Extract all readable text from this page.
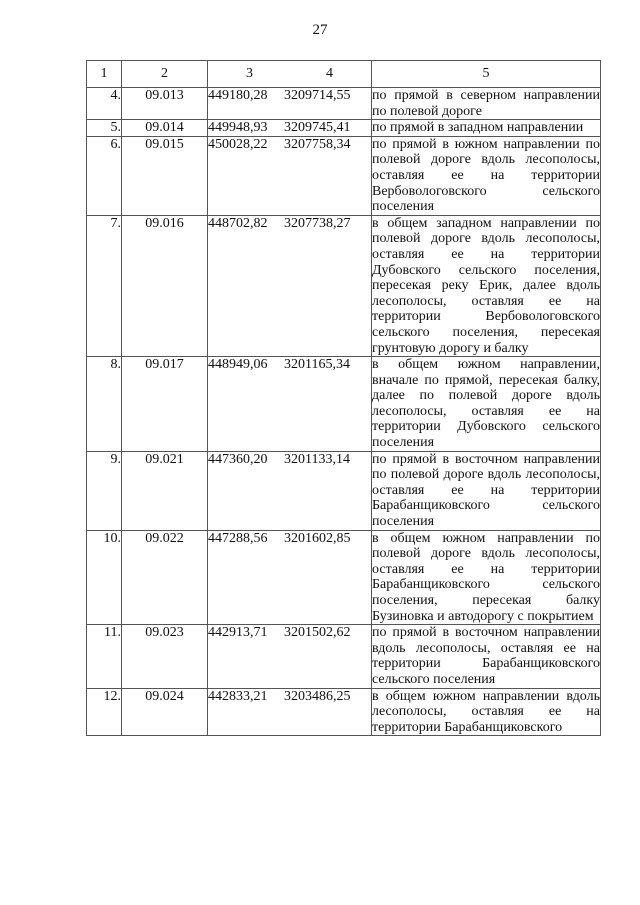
27
1	2	3 4	5
4.	09.013	449180,28 3209714,55	по прямой в северном направлении по полевой дороге
5.	09.014	449948,93 3209745,41	по прямой в западном направлении
6.	09.015	450028,22 3207758,34	по прямой в южном направлении по полевой дороге вдоль лесополосы, оставляя ее на территории Вербовологовского сельского поселения
7.	09.016	448702,82 3207738,27	в общем западном направлении по полевой дороге вдоль лесополосы, оставляя ее на территории Дубовского сельского поселения, пересекая реку Ерик, далее вдоль лесополосы, оставляя ее на территории Вербовологовского сельского поселения, пересекая грунтовую дорогу и балку
8.	09.017	448949,06 3201165,34	в общем южном направлении, вначале по прямой, пересекая балку, далее по полевой дороге вдоль лесополосы, оставляя ее на территории Дубовского сельского поселения
9.	09.021	447360,20 3201133,14	по прямой в восточном направлении по полевой дороге вдоль лесополосы, оставляя ее на территории Барабанщиковского сельского поселения
10.	09.022	447288,56 3201602,85	в общем южном направлении по полевой дороге вдоль лесополосы, оставляя ее на территории Барабанщиковского сельского поселения, пересекая балку Бузиновка и автодорогу с покрытием
11.	09.023	442913,71 3201502,62	по прямой в восточном направлении вдоль лесополосы, оставляя ее на территории Барабанщиковского сельского поселения
12.	09.024	442833,21 3203486,25	в общем южном направлении вдоль лесополосы, оставляя ее на территории Барабанщиковского
